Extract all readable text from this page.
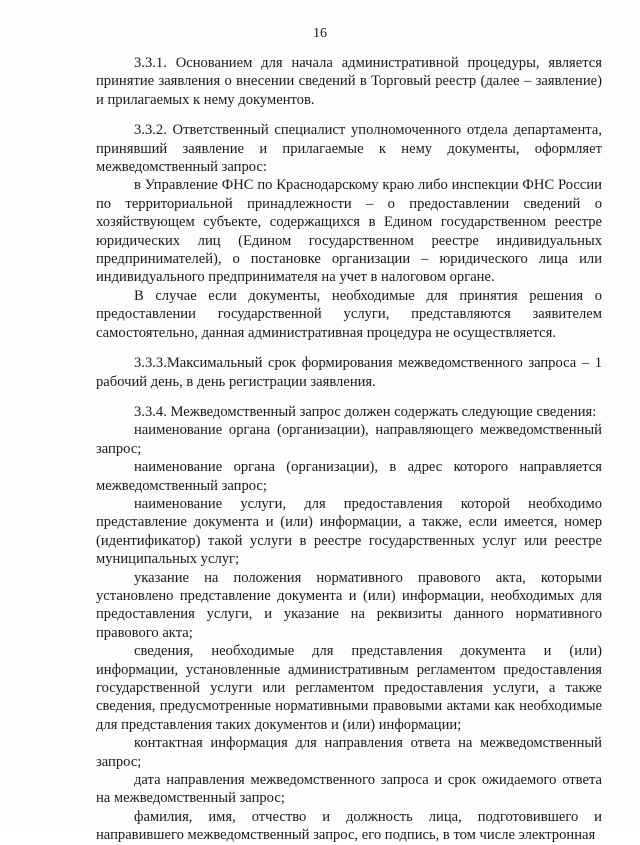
16

3.3.1. Основанием для начала административной процедуры, является принятие заявления о внесении сведений в Торговый реестр (далее – заявление) и прилагаемых к нему документов.

3.3.2. Ответственный специалист уполномоченного отдела департамента, принявший заявление и прилагаемые к нему документы, оформляет межведомственный запрос:

в Управление ФНС по Краснодарскому краю либо инспекции ФНС России по территориальной принадлежности – о предоставлении сведений о хозяйствующем субъекте, содержащихся в Едином государственном реестре юридических лиц (Едином государственном реестре индивидуальных предпринимателей), о постановке организации – юридического лица или индивидуального предпринимателя на учет в налоговом органе.

В случае если документы, необходимые для принятия решения о предоставлении государственной услуги, представляются заявителем самостоятельно, данная административная процедура не осуществляется.

3.3.3.Максимальный срок формирования межведомственного запроса – 1 рабочий день, в день регистрации заявления.

3.3.4. Межведомственный запрос должен содержать следующие сведения:

наименование органа (организации), направляющего межведомственный запрос;

наименование органа (организации), в адрес которого направляется межведомственный запрос;

наименование услуги, для предоставления которой необходимо представление документа и (или) информации, а также, если имеется, номер (идентификатор) такой услуги в реестре государственных услуг или реестре муниципальных услуг;

указание на положения нормативного правового акта, которыми установлено представление документа и (или) информации, необходимых для предоставления услуги, и указание на реквизиты данного нормативного правового акта;

сведения, необходимые для представления документа и (или) информации, установленные административным регламентом предоставления государственной услуги или регламентом предоставления услуги, а также сведения, предусмотренные нормативными правовыми актами как необходимые для представления таких документов и (или) информации;

контактная информация для направления ответа на межведомственный запрос;

дата направления межведомственного запроса и срок ожидаемого ответа на межведомственный запрос;

фамилия, имя, отчество и должность лица, подготовившего и направившего межведомственный запрос, его подпись, в том числе электронная
